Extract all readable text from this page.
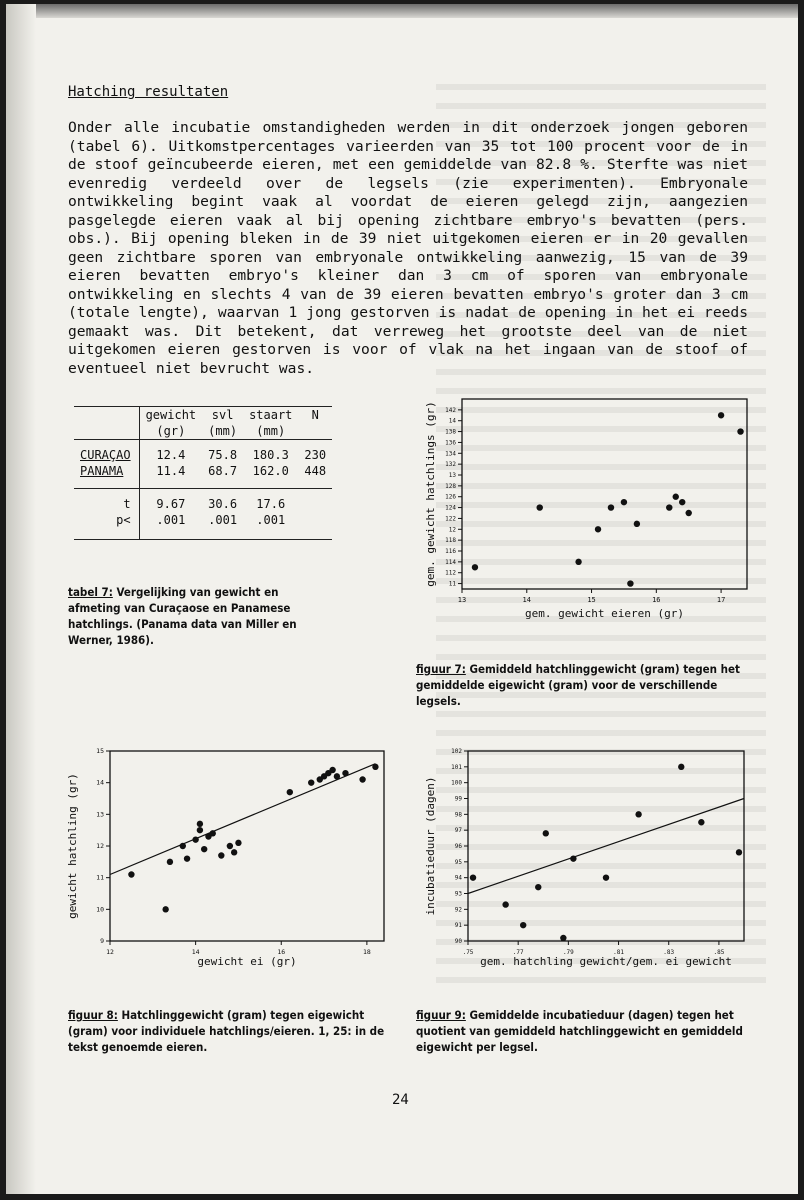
Hatching resultaten

Onder alle incubatie omstandigheden werden in dit onderzoek jongen geboren (tabel 6). Uitkomstpercentages varieerden van 35 tot 100 procent voor de in de stoof geïncubeerde eieren, met een gemiddelde van 82.8 %. Sterfte was niet evenredig verdeeld over de legsels (zie experimenten). Embryonale ontwikkeling begint vaak al voordat de eieren gelegd zijn, aangezien pasgelegde eieren vaak al bij opening zichtbare embryo's bevatten (pers. obs.). Bij opening bleken in de 39 niet uitgekomen eieren er in 20 gevallen geen zichtbare sporen van embryonale ontwikkeling aanwezig, 15 van de 39 eieren bevatten embryo's kleiner dan 3 cm of sporen van embryonale ontwikkeling en slechts 4 van de 39 eieren bevatten embryo's groter dan 3 cm (totale lengte), waarvan 1 jong gestorven is nadat de opening in het ei reeds gemaakt was. Dit betekent, dat verreweg het grootste deel van de niet uitgekomen eieren gestorven is voor of vlak na het ingaan van de stoof of eventueel niet bevrucht was.

	gewicht	svl	staart	N
	(gr)	(mm)	(mm)	
CURAÇAO	12.4	75.8	180.3	230
PANAMA	11.4	68.7	162.0	448
t	9.67	30.6	17.6	
p<	.001	.001	.001	

tabel 7: Vergelijking van gewicht en afmeting van Curaçaose en Panamese hatchlings. (Panama data van Miller en Werner, 1986).

13	14	15	16	17
11
112
114
116
118
12
122
124
126
128
13
132
134
136
138
14
142
gem. gewicht eieren (gr)
gem. gewicht hatchlings (gr)

figuur 7: Gemiddeld hatchlinggewicht (gram) tegen het gemiddelde eigewicht (gram) voor de verschillende legsels.

12	14	16	18
9
10
11
12
13
14
15
gewicht ei (gr)
gewicht hatchling (gr)

figuur 8: Hatchlinggewicht (gram) tegen eigewicht (gram) voor individuele hatchlings/eieren. 1, 25: in de tekst genoemde eieren.

.75	.77	.79	.81	.83	.85
90
91
92
93
94
95
96
97
98
99
100
101
102
gem. hatchling gewicht/gem. ei gewicht
incubatieduur (dagen)

figuur 9: Gemiddelde incubatieduur (dagen) tegen het quotient van gemiddeld hatchlinggewicht en gemiddeld eigewicht per legsel.

24
